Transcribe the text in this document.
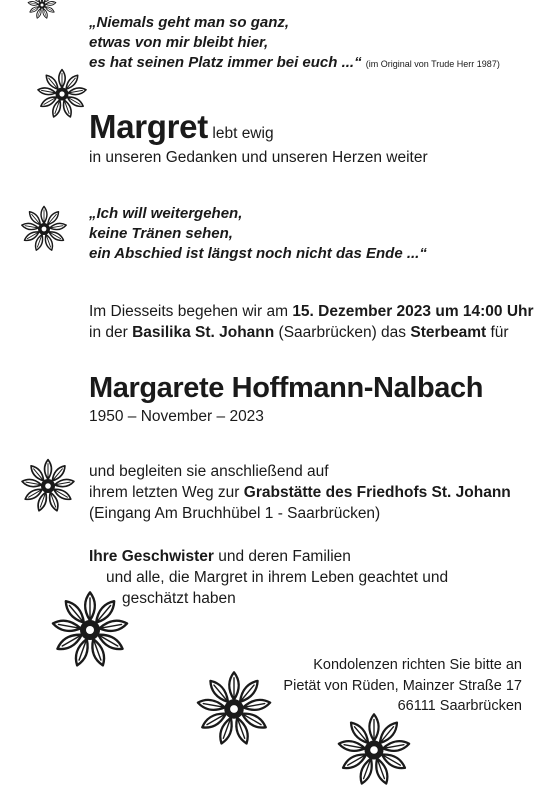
„Niemals geht man so ganz,
etwas von mir bleibt hier,
es hat seinen Platz immer bei euch ...“ (im Original von Trude Herr 1987)
Margret lebt ewig
in unseren Gedanken und unseren Herzen weiter
„Ich will weitergehen,
keine Tränen sehen,
ein Abschied ist längst noch nicht das Ende ...“
Im Diesseits begehen wir am 15. Dezember 2023 um 14:00 Uhr
in der Basilika St. Johann (Saarbrücken) das Sterbeamt für
Margarete Hoffmann-Nalbach
1950 – November – 2023
und begleiten sie anschließend auf
ihrem letzten Weg zur Grabstätte des Friedhofs St. Johann
(Eingang Am Bruchhübel 1 - Saarbrücken)
Ihre Geschwister und deren Familien
und alle, die Margret in ihrem Leben geachtet und
geschätzt haben
Kondolenzen richten Sie bitte an
Pietät von Rüden, Mainzer Straße 17
66111 Saarbrücken
